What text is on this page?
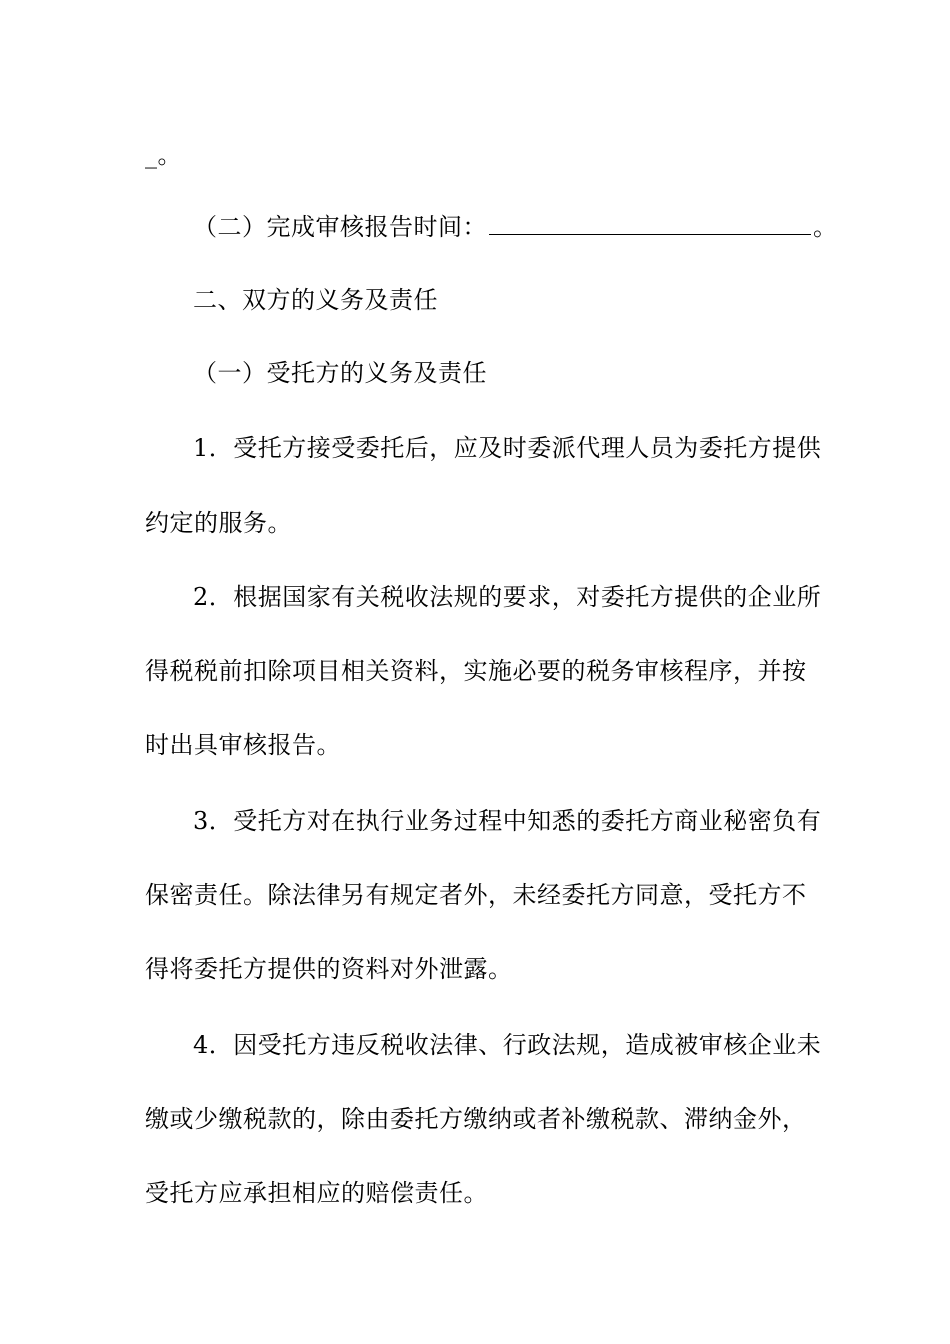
_。
（二）完成审核报告时间：	。
二、双方的义务及责任
（一）受托方的义务及责任
1．受托方接受委托后，应及时委派代理人员为委托方提供
约定的服务。
2．根据国家有关税收法规的要求，对委托方提供的企业所
得税税前扣除项目相关资料，实施必要的税务审核程序，并按
时出具审核报告。
3．受托方对在执行业务过程中知悉的委托方商业秘密负有
保密责任。除法律另有规定者外，未经委托方同意，受托方不
得将委托方提供的资料对外泄露。
4．因受托方违反税收法律、行政法规，造成被审核企业未
缴或少缴税款的，除由委托方缴纳或者补缴税款、滞纳金外，
受托方应承担相应的赔偿责任。
